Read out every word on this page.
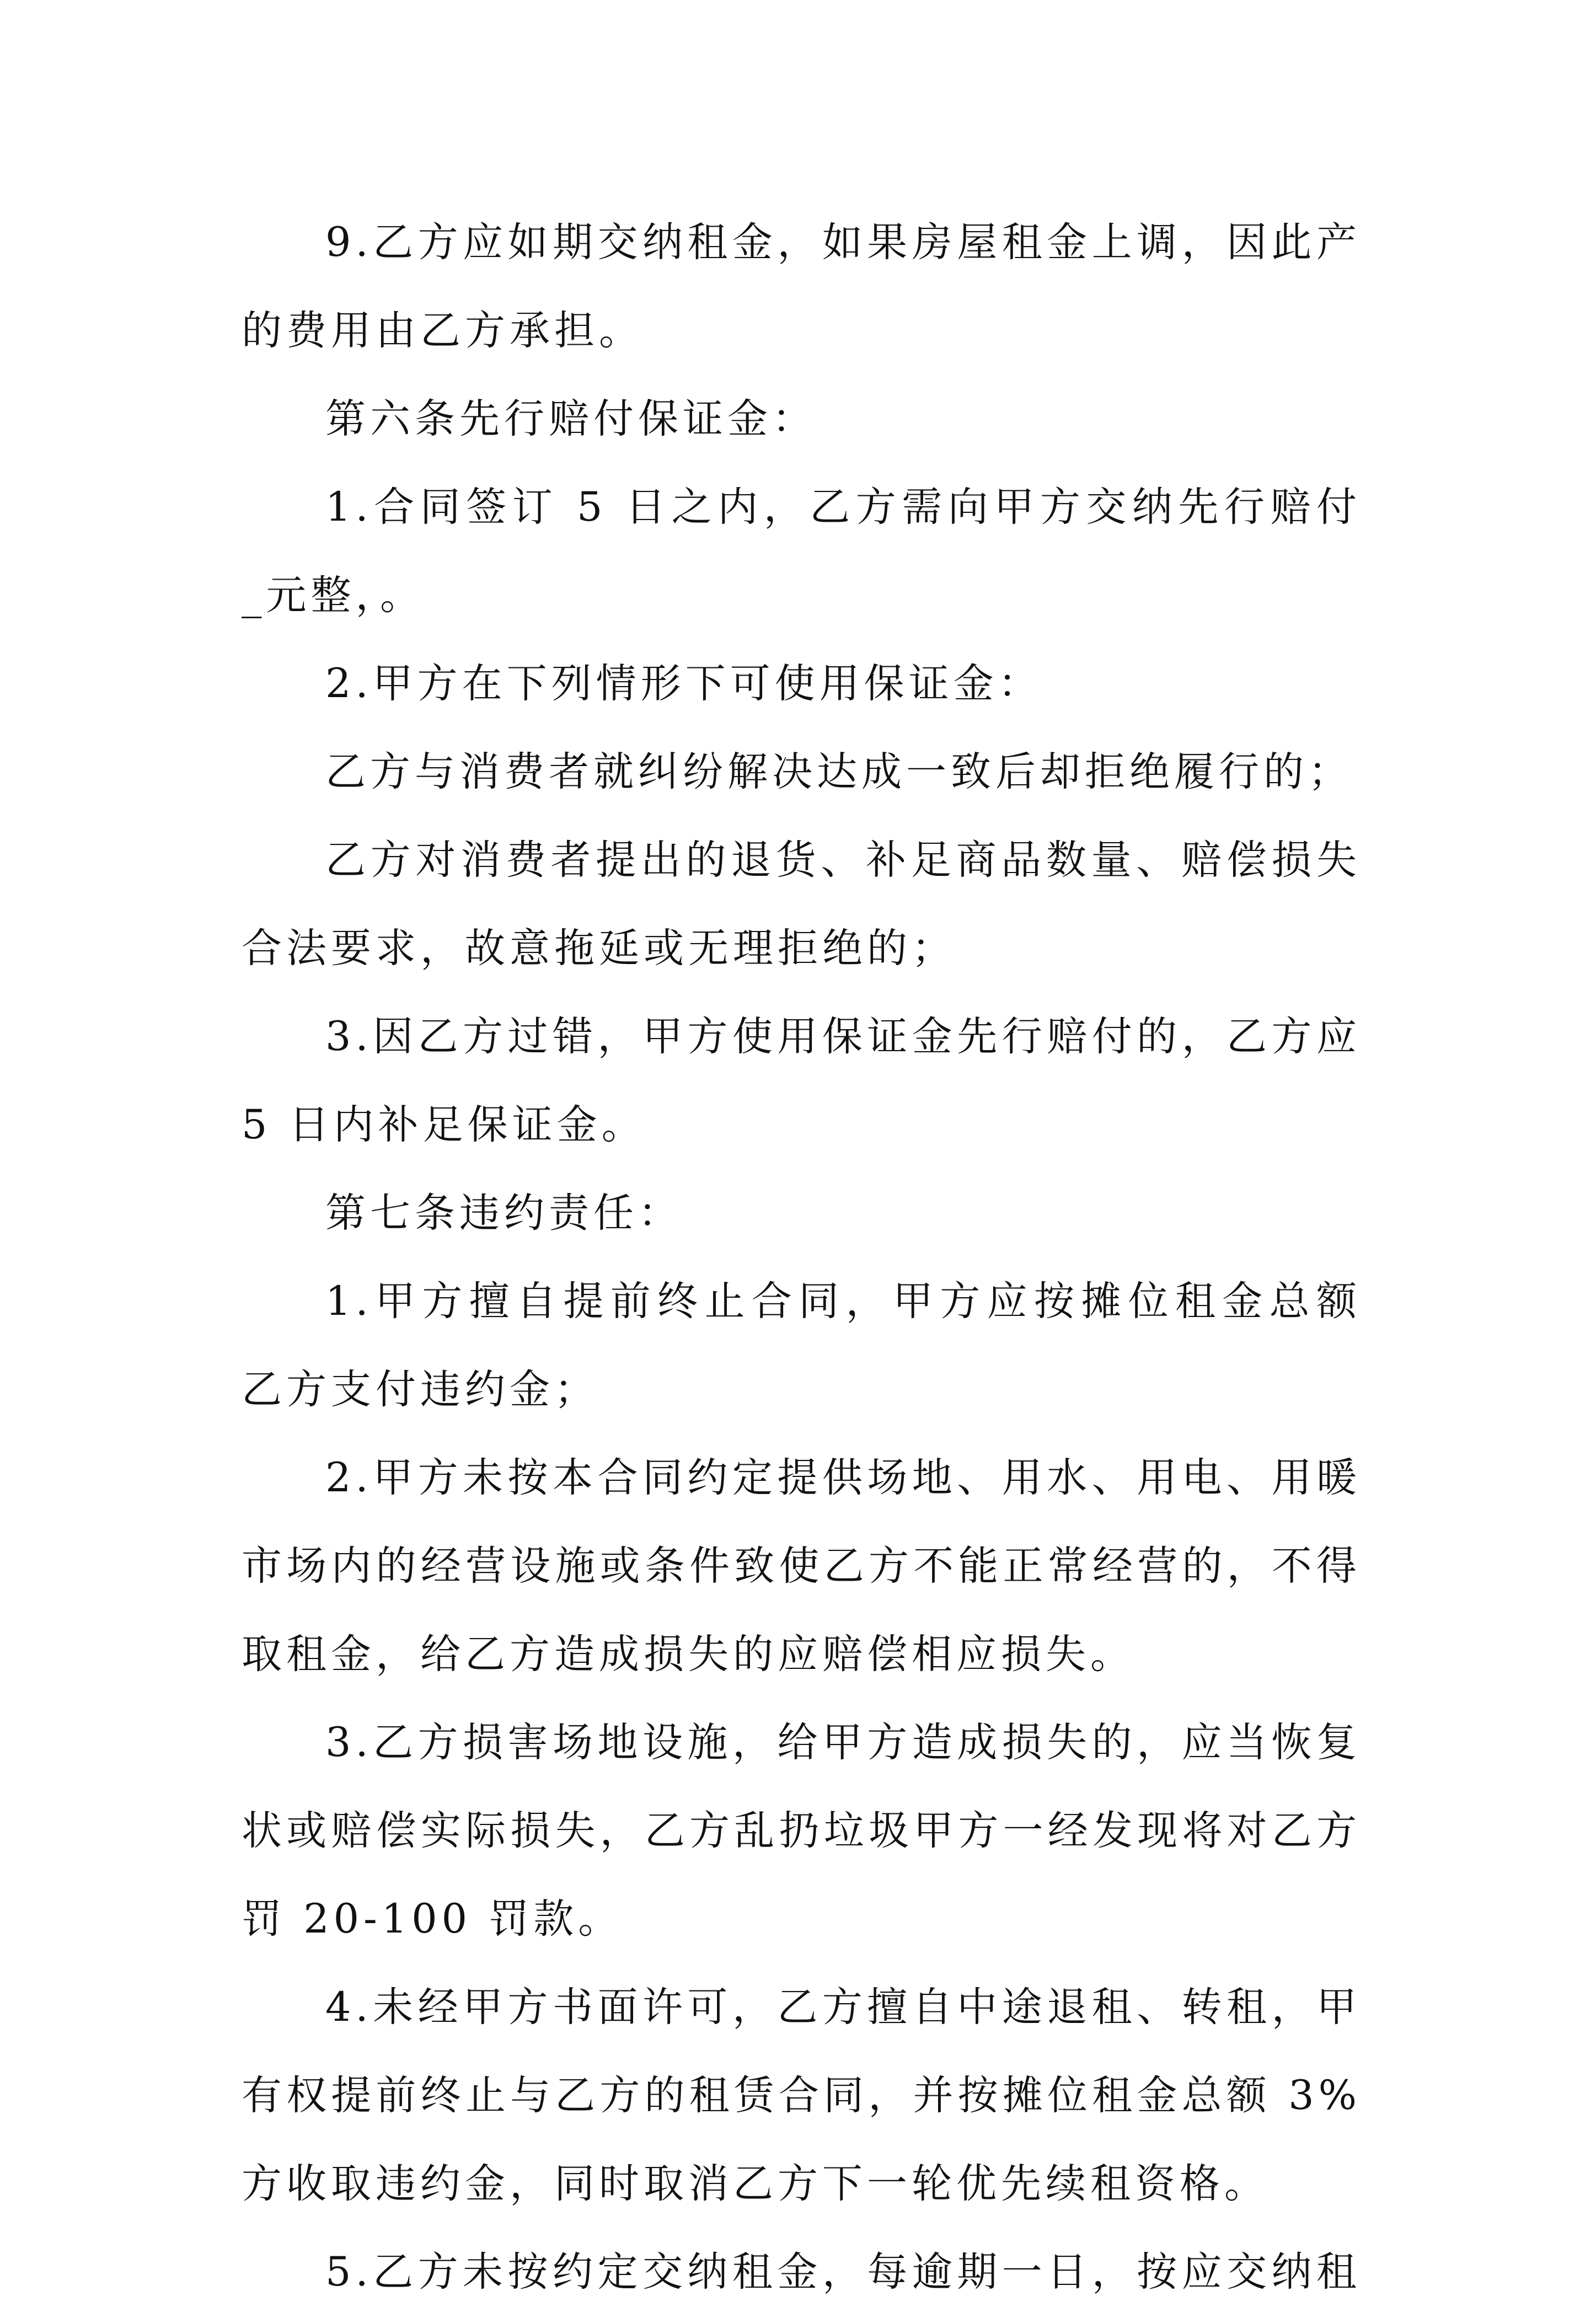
9.乙方应如期交纳租金，如果房屋租金上调，因此产
的费用由乙方承担。
第六条先行赔付保证金：
1.合同签订 5 日之内，乙方需向甲方交纳先行赔付
_元整，。
2.甲方在下列情形下可使用保证金：
乙方与消费者就纠纷解决达成一致后却拒绝履行的；
乙方对消费者提出的退货、补足商品数量、赔偿损失
合法要求，故意拖延或无理拒绝的；
3.因乙方过错，甲方使用保证金先行赔付的，乙方应
5 日内补足保证金。
第七条违约责任：
1.甲方擅自提前终止合同，甲方应按摊位租金总额
乙方支付违约金；
2.甲方未按本合同约定提供场地、用水、用电、用暖
市场内的经营设施或条件致使乙方不能正常经营的，不得
取租金，给乙方造成损失的应赔偿相应损失。
3.乙方损害场地设施，给甲方造成损失的，应当恢复
状或赔偿实际损失，乙方乱扔垃圾甲方一经发现将对乙方
罚 20-100 罚款。
4.未经甲方书面许可，乙方擅自中途退租、转租，甲
有权提前终止与乙方的租赁合同，并按摊位租金总额 3%
方收取违约金，同时取消乙方下一轮优先续租资格。
5.乙方未按约定交纳租金，每逾期一日，按应交纳租
